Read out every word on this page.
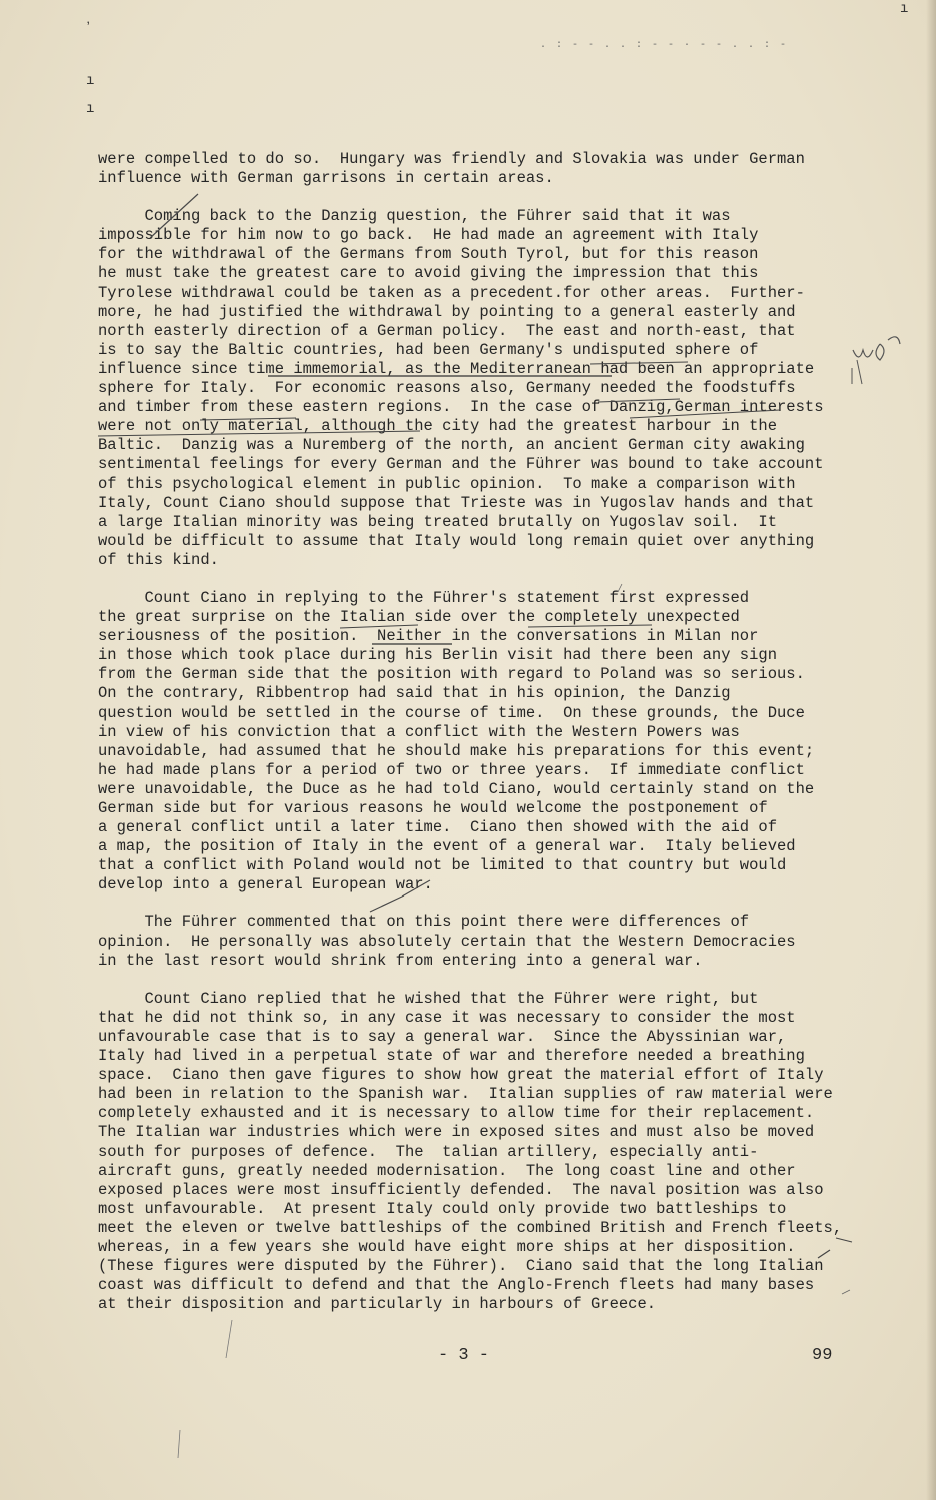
ʼ
ı
ı
ı
. : - - . . : - - · - - . . : -
were compelled to do so.  Hungary was friendly and Slovakia was under German
influence with German garrisons in certain areas.
Coming back to the Danzig question, the Führer said that it was
impossible for him now to go back.  He had made an agreement with Italy
for the withdrawal of the Germans from South Tyrol, but for this reason
he must take the greatest care to avoid giving the impression that this
Tyrolese withdrawal could be taken as a precedent.for other areas.  Further-
more, he had justified the withdrawal by pointing to a general easterly and
north easterly direction of a German policy.  The east and north-east, that
is to say the Baltic countries, had been Germany's undisputed sphere of
influence since time immemorial, as the Mediterranean had been an appropriate
sphere for Italy.  For economic reasons also, Germany needed the foodstuffs
and timber from these eastern regions.  In the case of Danzig,German interests
were not only material, although the city had the greatest harbour in the
Baltic.  Danzig was a Nuremberg of the north, an ancient German city awaking
sentimental feelings for every German and the Führer was bound to take account
of this psychological element in public opinion.  To make a comparison with
Italy, Count Ciano should suppose that Trieste was in Yugoslav hands and that
a large Italian minority was being treated brutally on Yugoslav soil.  It
would be difficult to assume that Italy would long remain quiet over anything
of this kind.
Count Ciano in replying to the Führer's statement first expressed
the great surprise on the Italian side over the completely unexpected
seriousness of the position.  Neither in the conversations in Milan nor
in those which took place during his Berlin visit had there been any sign
from the German side that the position with regard to Poland was so serious.
On the contrary, Ribbentrop had said that in his opinion, the Danzig
question would be settled in the course of time.  On these grounds, the Duce
in view of his conviction that a conflict with the Western Powers was
unavoidable, had assumed that he should make his preparations for this event;
he had made plans for a period of two or three years.  If immediate conflict
were unavoidable, the Duce as he had told Ciano, would certainly stand on the
German side but for various reasons he would welcome the postponement of
a general conflict until a later time.  Ciano then showed with the aid of
a map, the position of Italy in the event of a general war.  Italy believed
that a conflict with Poland would not be limited to that country but would
develop into a general European war.
The Führer commented that on this point there were differences of
opinion.  He personally was absolutely certain that the Western Democracies
in the last resort would shrink from entering into a general war.
Count Ciano replied that he wished that the Führer were right, but
that he did not think so, in any case it was necessary to consider the most
unfavourable case that is to say a general war.  Since the Abyssinian war,
Italy had lived in a perpetual state of war and therefore needed a breathing
space.  Ciano then gave figures to show how great the material effort of Italy
had been in relation to the Spanish war.  Italian supplies of raw material were
completely exhausted and it is necessary to allow time for their replacement.
The Italian war industries which were in exposed sites and must also be moved
south for purposes of defence.  The  talian artillery, especially anti-
aircraft guns, greatly needed modernisation.  The long coast line and other
exposed places were most insufficiently defended.  The naval position was also
most unfavourable.  At present Italy could only provide two battleships to
meet the eleven or twelve battleships of the combined British and French fleets,
whereas, in a few years she would have eight more ships at her disposition.
(These figures were disputed by the Führer).  Ciano said that the long Italian
coast was difficult to defend and that the Anglo-French fleets had many bases
at their disposition and particularly in harbours of Greece.
- 3 -	99
